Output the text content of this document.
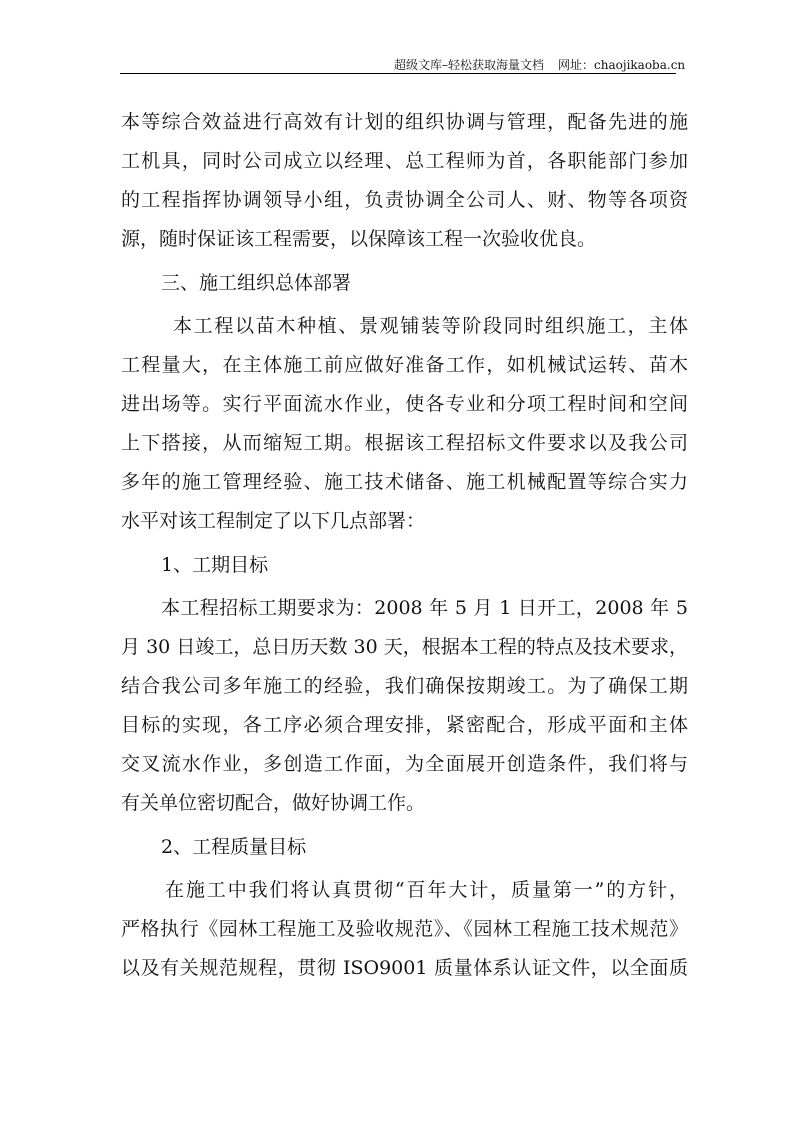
超级文库–轻松获取海量文档 网址：chaojikaoba.cn
本等综合效益进行高效有计划的组织协调与管理，配备先进的施
工机具，同时公司成立以经理、总工程师为首，各职能部门参加
的工程指挥协调领导小组，负责协调全公司人、财、物等各项资
源，随时保证该工程需要，以保障该工程一次验收优良。
三、施工组织总体部署
本工程以苗木种植、景观铺装等阶段同时组织施工，主体
工程量大，在主体施工前应做好准备工作，如机械试运转、苗木
进出场等。实行平面流水作业，使各专业和分项工程时间和空间
上下搭接，从而缩短工期。根据该工程招标文件要求以及我公司
多年的施工管理经验、施工技术储备、施工机械配置等综合实力
水平对该工程制定了以下几点部署：
1、工期目标
本工程招标工期要求为：2008 年 5 月 1 日开工，2008 年 5
月 30 日竣工，总日历天数 30 天，根据本工程的特点及技术要求，
结合我公司多年施工的经验，我们确保按期竣工。为了确保工期
目标的实现，各工序必须合理安排，紧密配合，形成平面和主体
交叉流水作业，多创造工作面，为全面展开创造条件，我们将与
有关单位密切配合，做好协调工作。
2、工程质量目标
在施工中我们将认真贯彻“百年大计，质量第一”的方针，
严格执行《园林工程施工及验收规范》、《园林工程施工技术规范》
以及有关规范规程，贯彻 ISO9001 质量体系认证文件，以全面质
